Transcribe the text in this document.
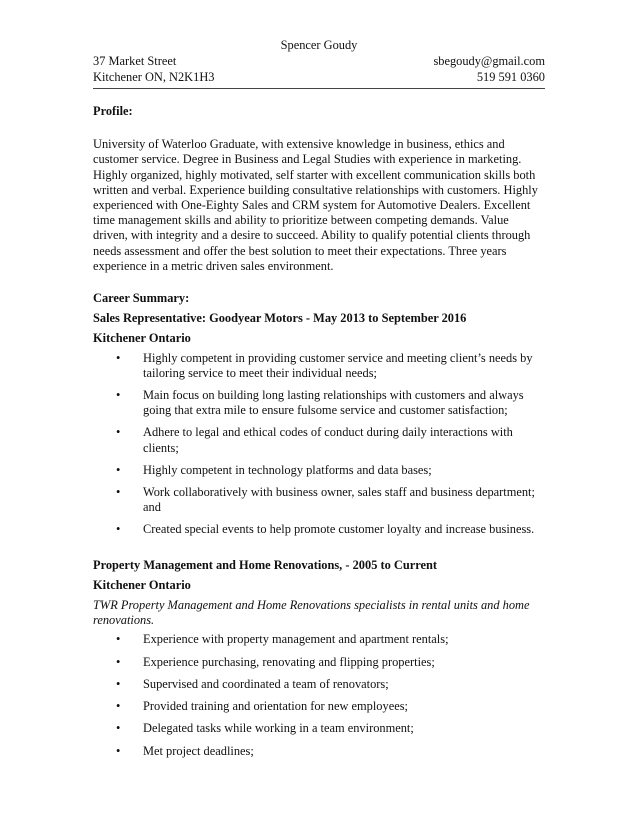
Spencer Goudy
37 Market Street	sbegoudy@gmail.com
Kitchener ON, N2K1H3	519 591 0360
Profile:
University of Waterloo Graduate, with extensive knowledge in business, ethics and customer service. Degree in Business and Legal Studies with experience in marketing. Highly organized, highly motivated, self starter with excellent communication skills both written and verbal. Experience building consultative relationships with customers. Highly experienced with One-Eighty Sales and CRM system for Automotive Dealers. Excellent time management skills and ability to prioritize between competing demands. Value driven, with integrity and a desire to succeed. Ability to qualify potential clients through needs assessment and offer the best solution to meet their expectations. Three years experience in a metric driven sales environment.
Career Summary:
Sales Representative: Goodyear Motors - May 2013 to September 2016
Kitchener Ontario
• Highly competent in providing customer service and meeting client’s needs by tailoring service to meet their individual needs;
• Main focus on building long lasting relationships with customers and always going that extra mile to ensure fulsome service and customer satisfaction;
• Adhere to legal and ethical codes of conduct during daily interactions with clients;
• Highly competent in technology platforms and data bases;
• Work collaboratively with business owner, sales staff and business department; and
• Created special events to help promote customer loyalty and increase business.
Property Management and Home Renovations, - 2005 to Current
Kitchener Ontario
TWR Property Management and Home Renovations specialists in rental units and home renovations.
• Experience with property management and apartment rentals;
• Experience purchasing, renovating and flipping properties;
• Supervised and coordinated a team of renovators;
• Provided training and orientation for new employees;
• Delegated tasks while working in a team environment;
• Met project deadlines;
